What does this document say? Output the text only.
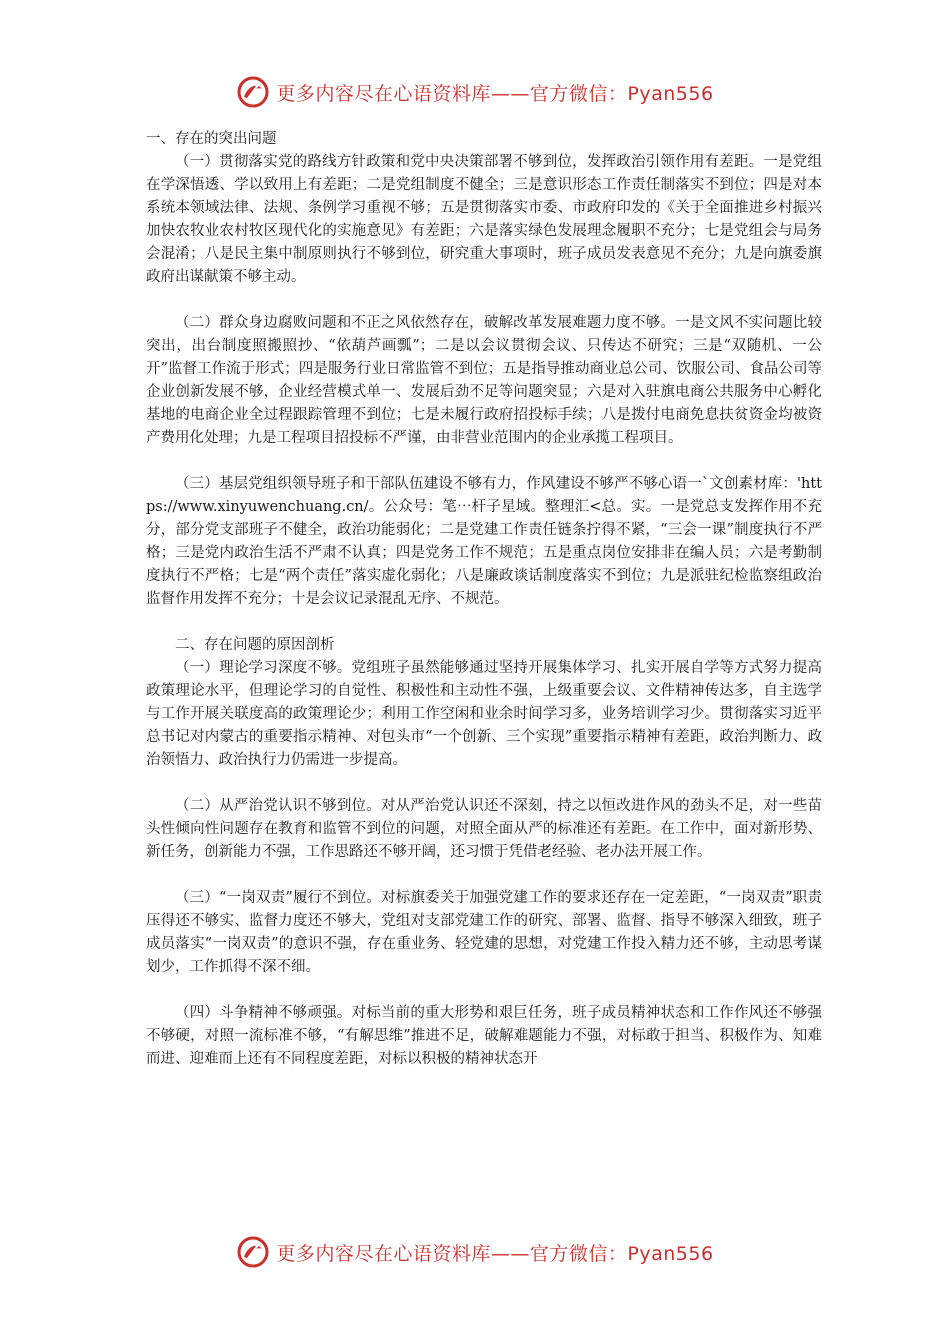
更多内容尽在心语资料库——官方微信：Pyan556

一、存在的突出问题

（一）贯彻落实党的路线方针政策和党中央决策部署不够到位，发挥政治引领作用有差距。一是党组在学深悟透、学以致用上有差距；二是党组制度不健全；三是意识形态工作责任制落实不到位；四是对本系统本领域法律、法规、条例学习重视不够；五是贯彻落实市委、市政府印发的《关于全面推进乡村振兴加快农牧业农村牧区现代化的实施意见》有差距；六是落实绿色发展理念履职不充分；七是党组会与局务会混淆；八是民主集中制原则执行不够到位，研究重大事项时，班子成员发表意见不充分；九是向旗委旗政府出谋献策不够主动。

（二）群众身边腐败问题和不正之风依然存在，破解改革发展难题力度不够。一是文风不实问题比较突出，出台制度照搬照抄、“依葫芦画瓢”；二是以会议贯彻会议、只传达不研究；三是“双随机、一公开”监督工作流于形式；四是服务行业日常监管不到位；五是指导推动商业总公司、饮服公司、食品公司等企业创新发展不够，企业经营模式单一、发展后劲不足等问题突显；六是对入驻旗电商公共服务中心孵化基地的电商企业全过程跟踪管理不到位；七是未履行政府招投标手续；八是拨付电商免息扶贫资金均被资产费用化处理；九是工程项目招投标不严谨，由非营业范围内的企业承揽工程项目。

（三）基层党组织领导班子和干部队伍建设不够有力，作风建设不够严不够心语一`文创素材库：'https://www.xinyuwenchuang.cn/。公众号：笔⋯杆子星域。整理汇<总。实。一是党总支发挥作用不充分，部分党支部班子不健全，政治功能弱化；二是党建工作责任链条拧得不紧，“三会一课”制度执行不严格；三是党内政治生活不严肃不认真；四是党务工作不规范；五是重点岗位安排非在编人员；六是考勤制度执行不严格；七是“两个责任”落实虚化弱化；八是廉政谈话制度落实不到位；九是派驻纪检监察组政治监督作用发挥不充分；十是会议记录混乱无序、不规范。

二、存在问题的原因剖析

（一）理论学习深度不够。党组班子虽然能够通过坚持开展集体学习、扎实开展自学等方式努力提高政策理论水平，但理论学习的自觉性、积极性和主动性不强，上级重要会议、文件精神传达多，自主选学与工作开展关联度高的政策理论少；利用工作空闲和业余时间学习多，业务培训学习少。贯彻落实习近平总书记对内蒙古的重要指示精神、对包头市“一个创新、三个实现”重要指示精神有差距，政治判断力、政治领悟力、政治执行力仍需进一步提高。

（二）从严治党认识不够到位。对从严治党认识还不深刻，持之以恒改进作风的劲头不足，对一些苗头性倾向性问题存在教育和监管不到位的问题，对照全面从严的标准还有差距。在工作中，面对新形势、新任务，创新能力不强，工作思路还不够开阔，还习惯于凭借老经验、老办法开展工作。

（三）“一岗双责”履行不到位。对标旗委关于加强党建工作的要求还存在一定差距，“一岗双责”职责压得还不够实、监督力度还不够大，党组对支部党建工作的研究、部署、监督、指导不够深入细致，班子成员落实“一岗双责”的意识不强，存在重业务、轻党建的思想，对党建工作投入精力还不够，主动思考谋划少，工作抓得不深不细。

（四）斗争精神不够顽强。对标当前的重大形势和艰巨任务，班子成员精神状态和工作作风还不够强不够硬，对照一流标准不够，“有解思维”推进不足，破解难题能力不强，对标敢于担当、积极作为、知难而进、迎难而上还有不同程度差距，对标以积极的精神状态开

更多内容尽在心语资料库——官方微信：Pyan556
